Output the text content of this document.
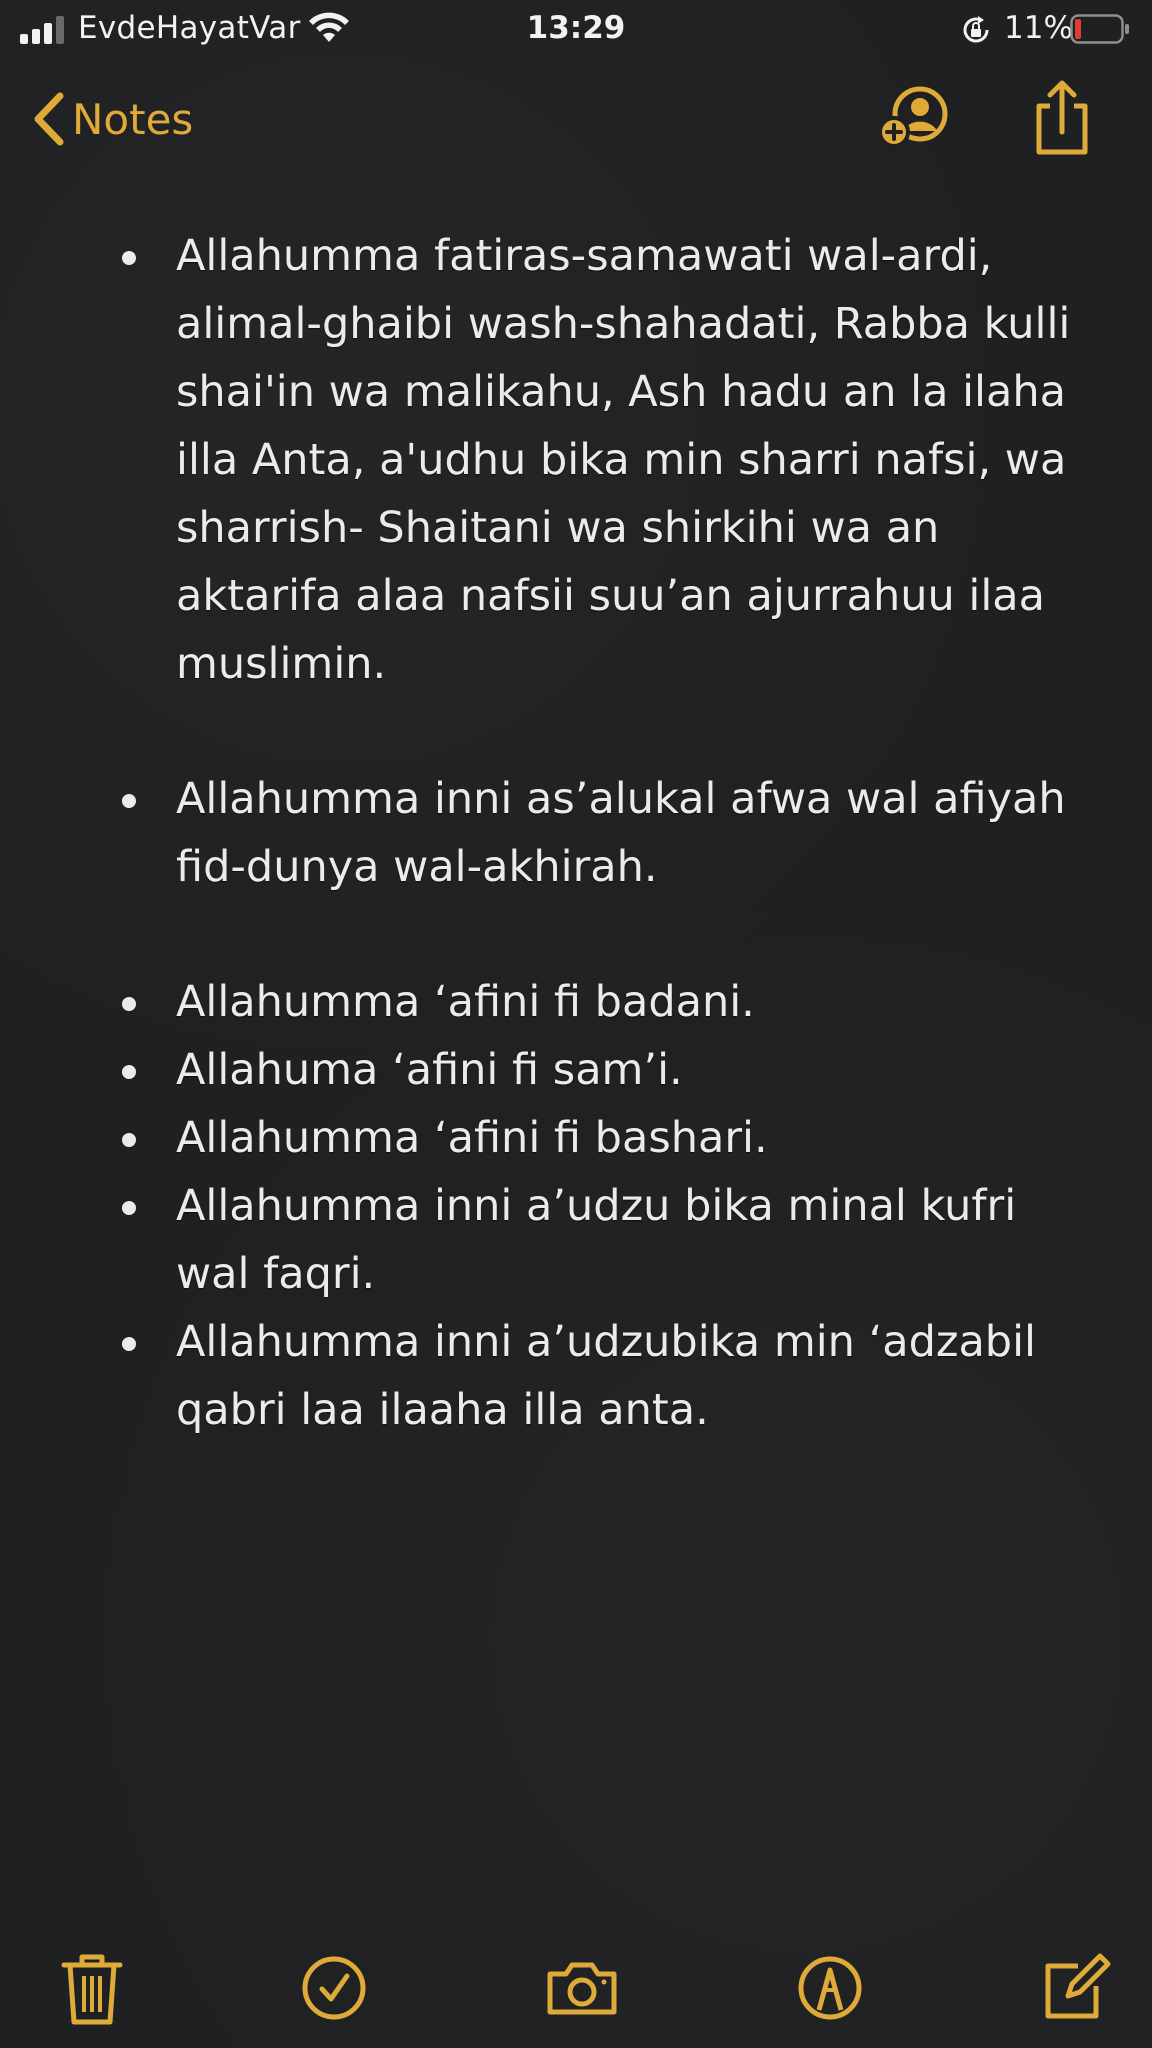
EvdeHayatVar	13:29	11%
Notes
Allahumma fatiras-samawati wal-ardi, alimal-ghaibi wash-shahadati, Rabba kulli shai'in wa malikahu, Ash hadu an la ilaha illa Anta, a'udhu bika min sharri nafsi, wa sharrish- Shaitani wa shirkihi wa an aktarifa alaa nafsii suu’an ajurrahuu ilaa muslimin.
Allahumma inni as’alukal afwa wal afiyah fid-dunya wal-akhirah.
Allahumma ‘afini fi badani.
Allahuma ‘afini fi sam’i.
Allahumma ‘afini fi bashari.
Allahumma inni a’udzu bika minal kufri wal faqri.
Allahumma inni a’udzubika min ‘adzabil qabri laa ilaaha illa anta.
